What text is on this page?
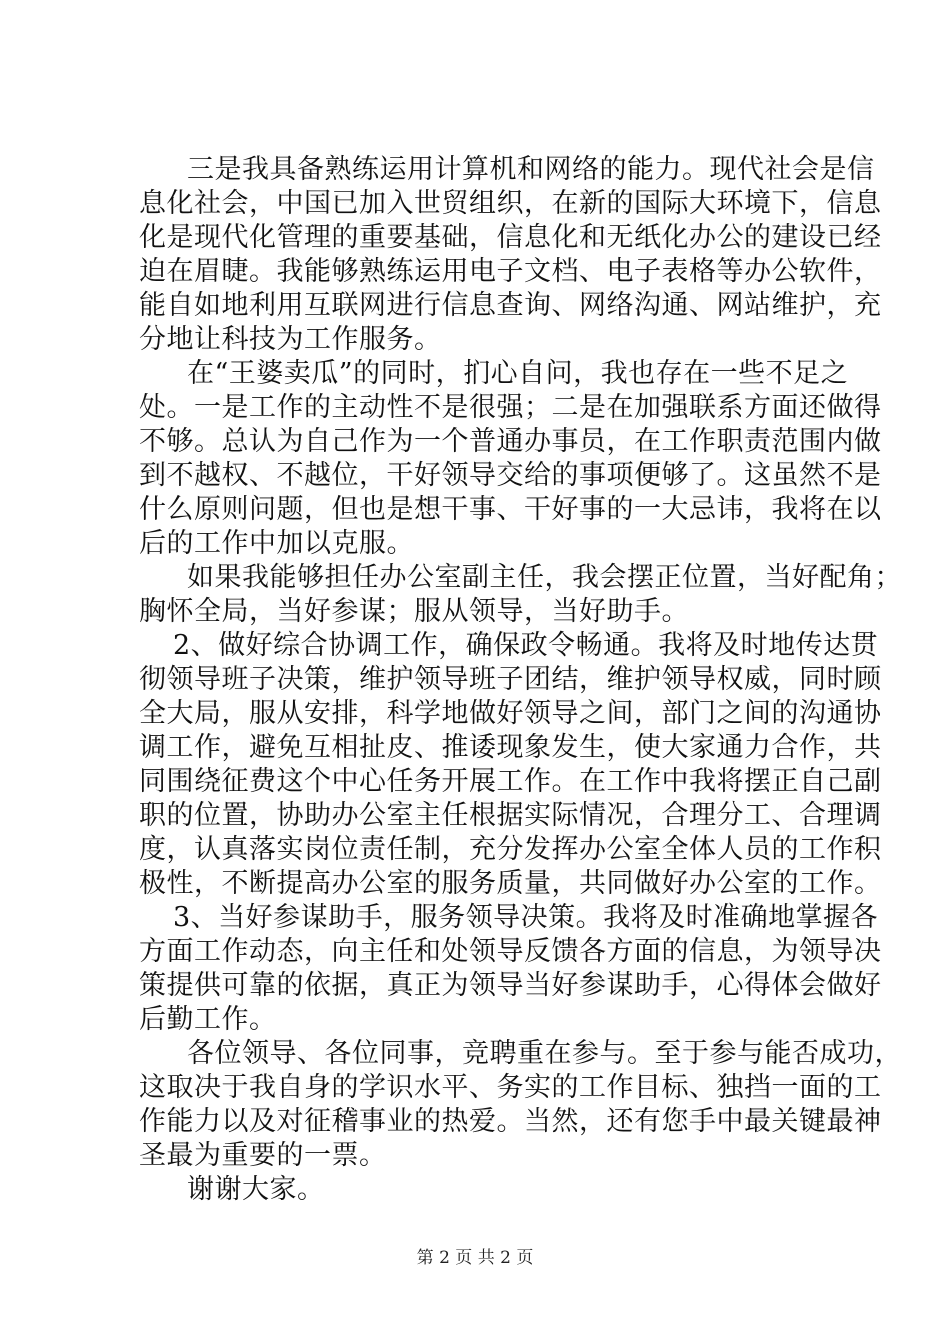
三是我具备熟练运用计算机和网络的能力。现代社会是信
息化社会，中国已加入世贸组织，在新的国际大环境下，信息
化是现代化管理的重要基础，信息化和无纸化办公的建设已经
迫在眉睫。我能够熟练运用电子文档、电子表格等办公软件，
能自如地利用互联网进行信息查询、网络沟通、网站维护，充
分地让科技为工作服务。
在“王婆卖瓜”的同时，扪心自问，我也存在一些不足之
处。一是工作的主动性不是很强；二是在加强联系方面还做得
不够。总认为自己作为一个普通办事员，在工作职责范围内做
到不越权、不越位，干好领导交给的事项便够了。这虽然不是
什么原则问题，但也是想干事、干好事的一大忌讳，我将在以
后的工作中加以克服。
如果我能够担任办公室副主任，我会摆正位置，当好配角；
胸怀全局，当好参谋；服从领导，当好助手。
2、做好综合协调工作，确保政令畅通。我将及时地传达贯
彻领导班子决策，维护领导班子团结，维护领导权威，同时顾
全大局，服从安排，科学地做好领导之间，部门之间的沟通协
调工作，避免互相扯皮、推诿现象发生，使大家通力合作，共
同围绕征费这个中心任务开展工作。在工作中我将摆正自己副
职的位置，协助办公室主任根据实际情况，合理分工、合理调
度，认真落实岗位责任制，充分发挥办公室全体人员的工作积
极性，不断提高办公室的服务质量，共同做好办公室的工作。
3、当好参谋助手，服务领导决策。我将及时准确地掌握各
方面工作动态，向主任和处领导反馈各方面的信息，为领导决
策提供可靠的依据，真正为领导当好参谋助手，心得体会做好
后勤工作。
各位领导、各位同事，竞聘重在参与。至于参与能否成功，
这取决于我自身的学识水平、务实的工作目标、独挡一面的工
作能力以及对征稽事业的热爱。当然，还有您手中最关键最神
圣最为重要的一票。
谢谢大家。
第 2 页 共 2 页
